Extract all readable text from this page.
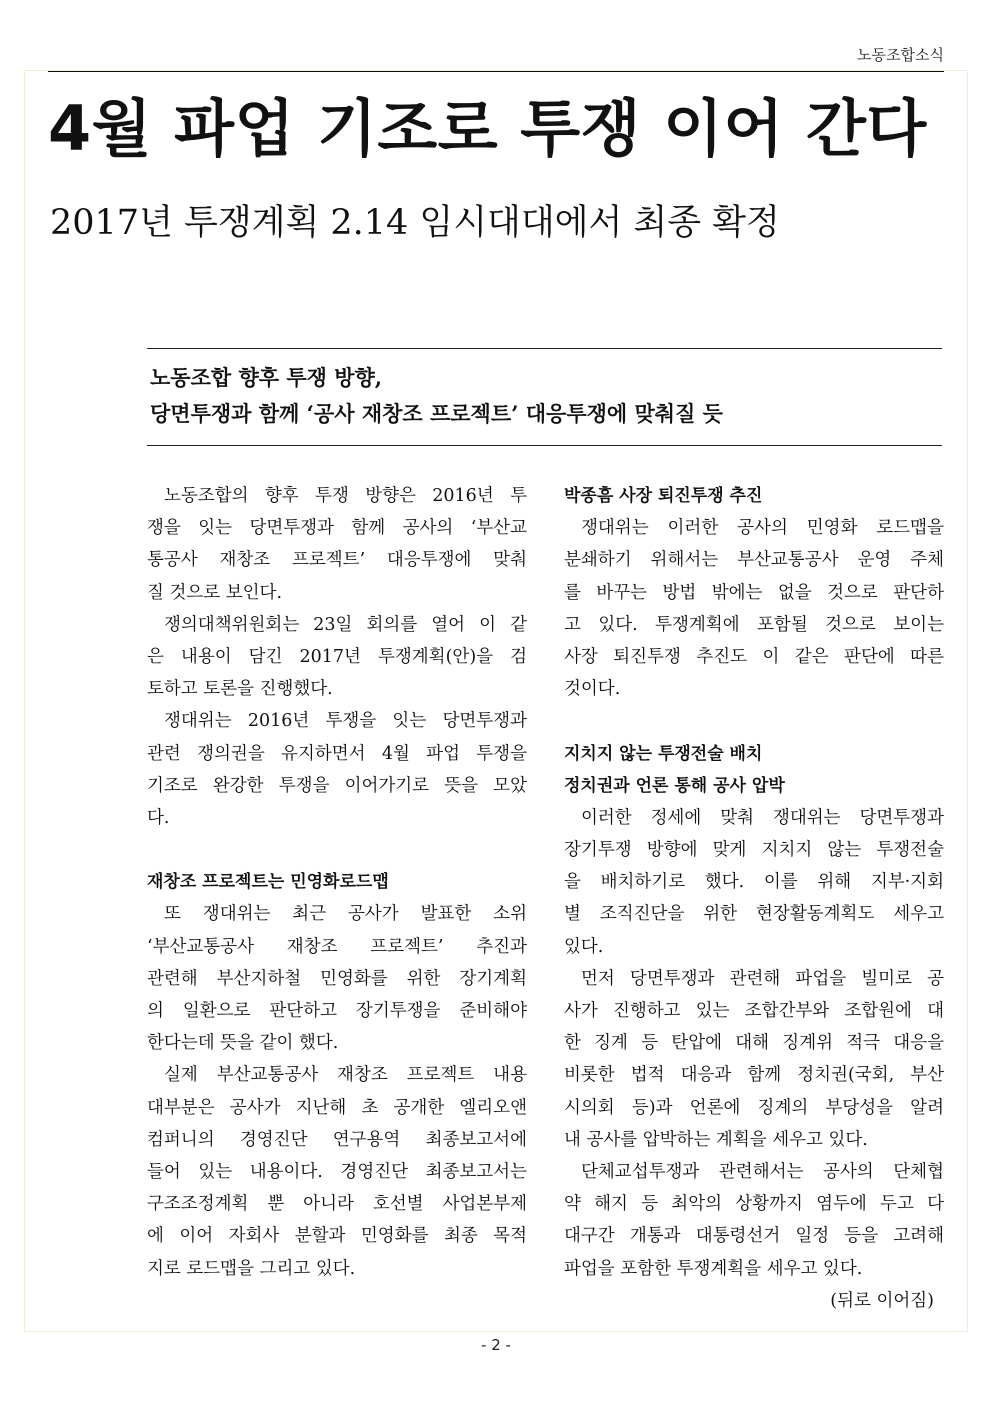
노동조합소식
4월 파업 기조로 투쟁 이어 간다
2017년 투쟁계획 2.14 임시대대에서 최종 확정
노동조합 향후 투쟁 방향,
당면투쟁과 함께 ‘공사 재창조 프로젝트’ 대응투쟁에 맞춰질 듯
노동조합의 향후 투쟁 방향은 2016년 투
쟁을 잇는 당면투쟁과 함께 공사의 ‘부산교
통공사 재창조 프로젝트’ 대응투쟁에 맞춰
질 것으로 보인다.
쟁의대책위원회는 23일 회의를 열어 이 같
은 내용이 담긴 2017년 투쟁계획(안)을 검
토하고 토론을 진행했다.
쟁대위는 2016년 투쟁을 잇는 당면투쟁과
관련 쟁의권을 유지하면서 4월 파업 투쟁을
기조로 완강한 투쟁을 이어가기로 뜻을 모았
다.
재창조 프로젝트는 민영화로드맵
또 쟁대위는 최근 공사가 발표한 소위
‘부산교통공사 재창조 프로젝트’ 추진과
관련해 부산지하철 민영화를 위한 장기계획
의 일환으로 판단하고 장기투쟁을 준비해야
한다는데 뜻을 같이 했다.
실제 부산교통공사 재창조 프로젝트 내용
대부분은 공사가 지난해 초 공개한 엘리오앤
컴퍼니의 경영진단 연구용역 최종보고서에
들어 있는 내용이다. 경영진단 최종보고서는
구조조정계획 뿐 아니라 호선별 사업본부제
에 이어 자회사 분할과 민영화를 최종 목적
지로 로드맵을 그리고 있다.
박종흠 사장 퇴진투쟁 추진
쟁대위는 이러한 공사의 민영화 로드맵을
분쇄하기 위해서는 부산교통공사 운영 주체
를 바꾸는 방법 밖에는 없을 것으로 판단하
고 있다. 투쟁계획에 포함될 것으로 보이는
사장 퇴진투쟁 추진도 이 같은 판단에 따른
것이다.
지치지 않는 투쟁전술 배치
정치권과 언론 통해 공사 압박
이러한 정세에 맞춰 쟁대위는 당면투쟁과
장기투쟁 방향에 맞게 지치지 않는 투쟁전술
을 배치하기로 했다. 이를 위해 지부·지회
별 조직진단을 위한 현장활동계획도 세우고
있다.
먼저 당면투쟁과 관련해 파업을 빌미로 공
사가 진행하고 있는 조합간부와 조합원에 대
한 징계 등 탄압에 대해 징계위 적극 대응을
비롯한 법적 대응과 함께 정치권(국회, 부산
시의회 등)과 언론에 징계의 부당성을 알려
내 공사를 압박하는 계획을 세우고 있다.
단체교섭투쟁과 관련해서는 공사의 단체협
약 해지 등 최악의 상황까지 염두에 두고 다
대구간 개통과 대통령선거 일정 등을 고려해
파업을 포함한 투쟁계획을 세우고 있다.
(뒤로 이어짐)
- 2 -
